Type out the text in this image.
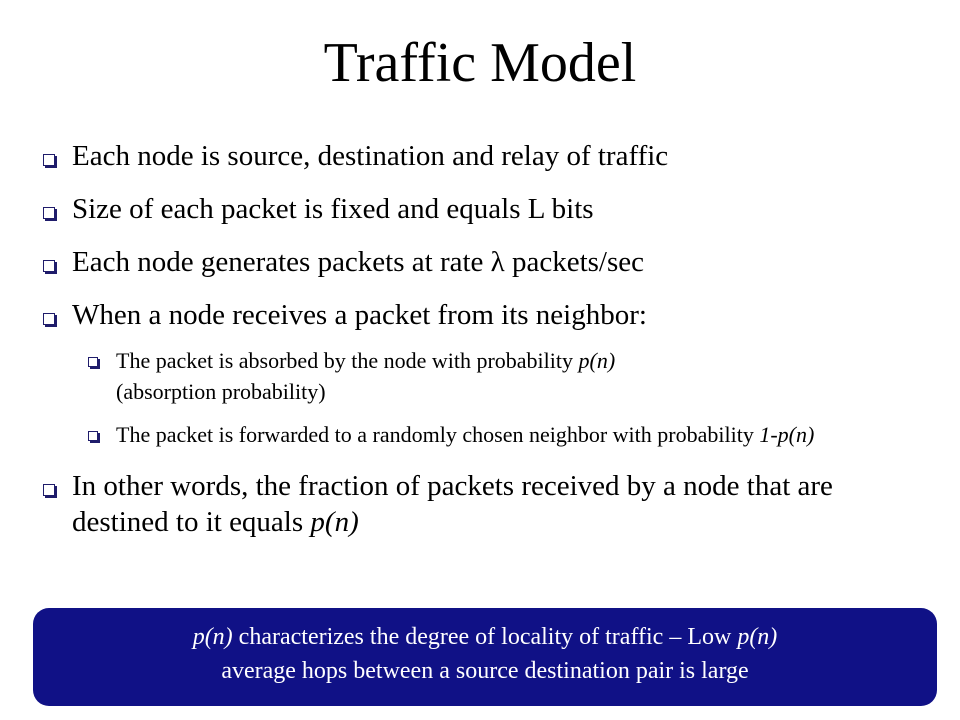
Traffic Model
Each node is source, destination and relay of traffic
Size of each packet is fixed and equals L bits
Each node generates packets at rate λ packets/sec
When a node receives a packet from its neighbor:
The packet is absorbed by the node with probability p(n)
(absorption probability)
The packet is forwarded to a randomly chosen neighbor with probability 1-p(n)
In other words, the fraction of packets received by a node that are destined to it equals p(n)
p(n) characterizes the degree of locality of traffic – Low p(n)
average hops between a source destination pair is large
